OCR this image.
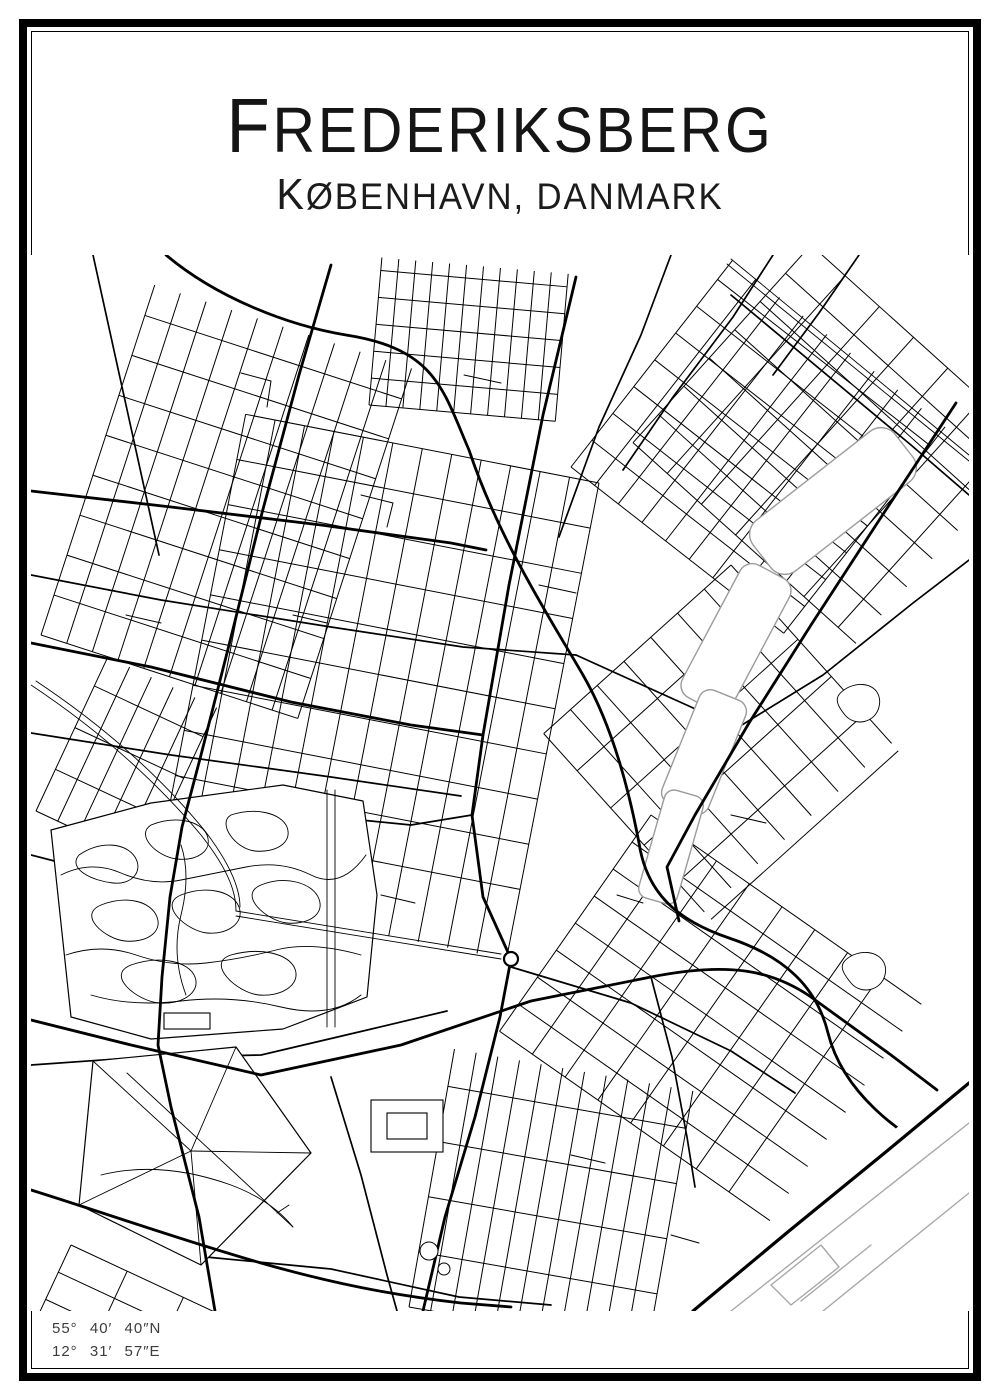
FREDERIKSBERG
KØBENHAVN, DANMARK
55° 40′ 40″N
12° 31′ 57″E
